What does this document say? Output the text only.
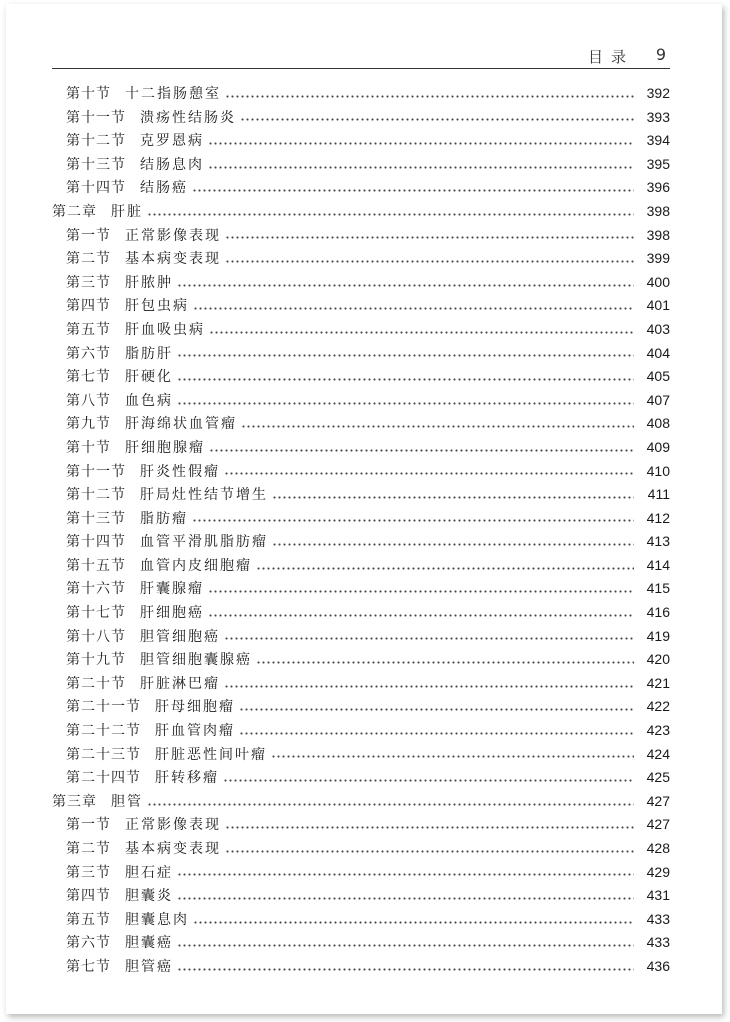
目录 9
第十节 十二指肠憩室	392
第十一节 溃疡性结肠炎	393
第十二节 克罗恩病	394
第十三节 结肠息肉	395
第十四节 结肠癌	396
第二章 肝脏	398
第一节 正常影像表现	398
第二节 基本病变表现	399
第三节 肝脓肿	400
第四节 肝包虫病	401
第五节 肝血吸虫病	403
第六节 脂肪肝	404
第七节 肝硬化	405
第八节 血色病	407
第九节 肝海绵状血管瘤	408
第十节 肝细胞腺瘤	409
第十一节 肝炎性假瘤	410
第十二节 肝局灶性结节增生	411
第十三节 脂肪瘤	412
第十四节 血管平滑肌脂肪瘤	413
第十五节 血管内皮细胞瘤	414
第十六节 肝囊腺瘤	415
第十七节 肝细胞癌	416
第十八节 胆管细胞癌	419
第十九节 胆管细胞囊腺癌	420
第二十节 肝脏淋巴瘤	421
第二十一节 肝母细胞瘤	422
第二十二节 肝血管肉瘤	423
第二十三节 肝脏恶性间叶瘤	424
第二十四节 肝转移瘤	425
第三章 胆管	427
第一节 正常影像表现	427
第二节 基本病变表现	428
第三节 胆石症	429
第四节 胆囊炎	431
第五节 胆囊息肉	433
第六节 胆囊癌	433
第七节 胆管癌	436
